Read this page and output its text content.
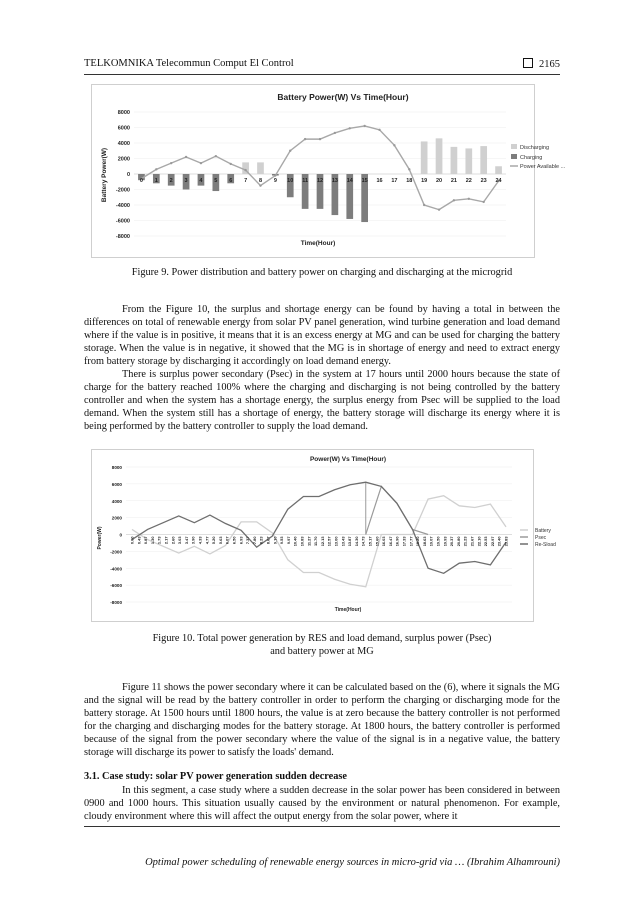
TELKOMNIKA Telecommun Comput El Control	2165
Battery Power(W) Vs Time(Hour)
Battery Power(W)
Time(Hour)
8000
6000
4000
2000
0
-2000
-4000
-6000
-8000
0 1 2 3 4 5 6 7 8 9 10 11 12 13 14 15 16 17 18 19 20 21 22 23 24
Discharging
Charging
Power Available ...
Figure 9. Power distribution and battery power on charging and discharging at the microgrid

From the Figure 10, the surplus and shortage energy can be found by having a total in between the differences on total of renewable energy from solar PV panel generation, wind turbine generation and load demand where if the value is in positive, it means that it is an excess energy at MG and can be used for charging the battery storage. When the value is in negative, it showed that the MG is in shortage of energy and need to extract energy from battery storage by discharging it accordingly on load demand energy.

There is surplus power secondary (Psec) in the system at 17 hours until 2000 hours because the state of charge for the battery reached 100% where the charging and discharging is not being controlled by the battery controller and when the system has a shortage energy, the surplus energy from Psec will be supplied to the load demand. When the system still has a shortage of energy, the battery storage will discharge its energy where it is being performed by the battery controller to supply the load demand.

Power(W) Vs Time(Hour)
Power(W)
Time(Hour)
8000
6000
4000
2000
0
-2000
-4000
-6000
-8000
0.00 0.43 0.87 1.30 1.73 2.17 2.60 3.03 3.47 3.90 4.33 4.77 5.20 5.63 6.07 6.50 6.93 7.37 7.80 8.23 8.67 9.10 9.53 9.97 10.40 10.83 11.27 11.70 12.13 12.57 13.00 13.43 13.87 14.30 14.73 15.17 15.60 16.03 16.47 16.90 17.33 17.77 18.20 18.63 19.07 19.50 19.93 20.37 20.80 21.23 21.67 22.10 22.53 22.97 23.40 23.83
Battery
Psec
Re-Sload
Figure 10. Total power generation by RES and load demand, surplus power (Psec)
and battery power at MG

Figure 11 shows the power secondary where it can be calculated based on the (6), where it signals the MG and the signal will be read by the battery controller in order to perform the charging or discharging mode for the battery storage. At 1500 hours until 1800 hours, the value is at zero because the battery controller is not performed for the charging and discharging modes for the battery storage. At 1800 hours, the battery controller is performed because of the signal from the power secondary where the value of the signal is in a negative value, the battery storage will discharge its power to satisfy the loads' demand.

3.1. Case study: solar PV power generation sudden decrease

In this segment, a case study where a sudden decrease in the solar power has been considered in between 0900 and 1000 hours. This situation usually caused by the environment or natural phenomenon. For example, cloudy environment where this will affect the output energy from the solar power, where it

Optimal power scheduling of renewable energy sources in micro-grid via … (Ibrahim Alhamrouni)
